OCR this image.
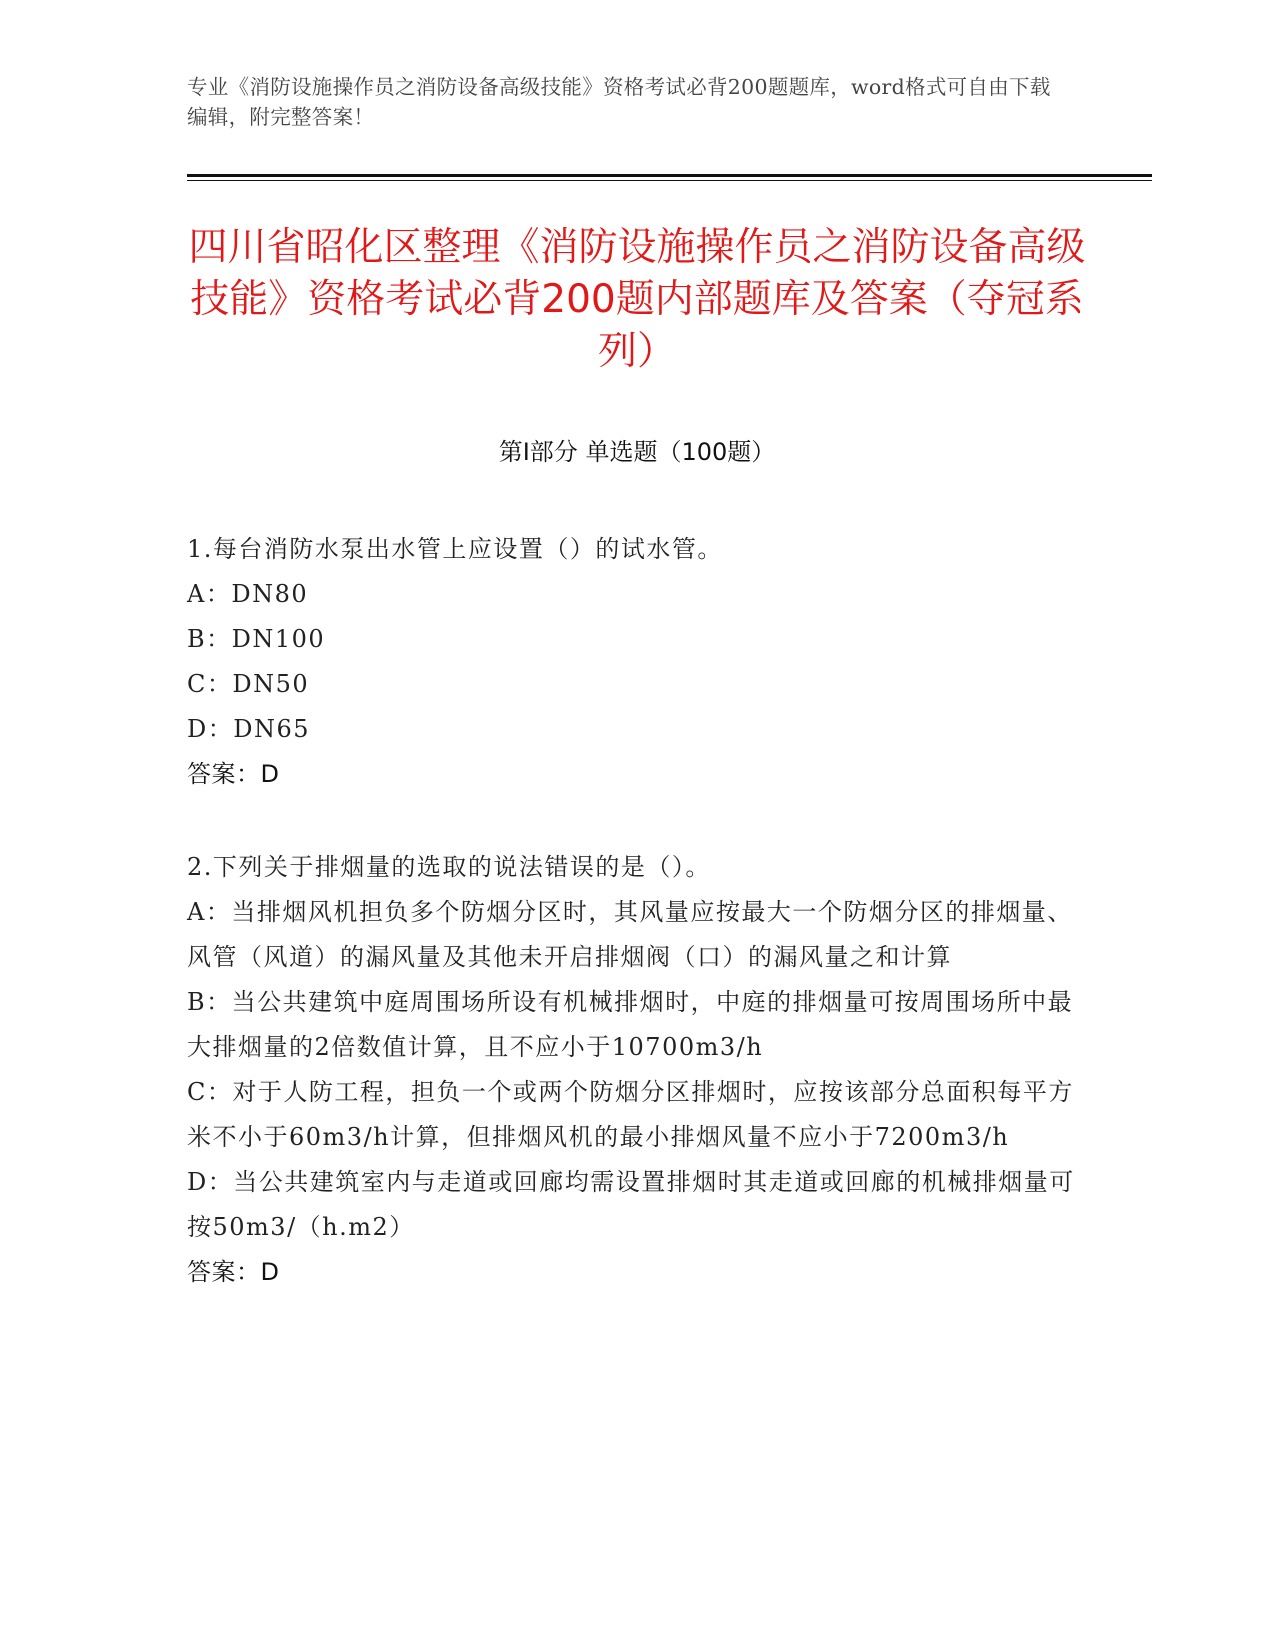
专业《消防设施操作员之消防设备高级技能》资格考试必背200题题库，word格式可自由下载编辑，附完整答案！
四川省昭化区整理《消防设施操作员之消防设备高级技能》资格考试必背200题内部题库及答案（夺冠系列）
第Ⅰ部分 单选题（100题）
1.每台消防水泵出水管上应设置（）的试水管。
A：DN80
B：DN100
C：DN50
D：DN65
答案：D
2.下列关于排烟量的选取的说法错误的是（）。
A：当排烟风机担负多个防烟分区时，其风量应按最大一个防烟分区的排烟量、风管（风道）的漏风量及其他未开启排烟阀（口）的漏风量之和计算
B：当公共建筑中庭周围场所设有机械排烟时，中庭的排烟量可按周围场所中最大排烟量的2倍数值计算，且不应小于10700m3/h
C：对于人防工程，担负一个或两个防烟分区排烟时，应按该部分总面积每平方米不小于60m3/h计算，但排烟风机的最小排烟风量不应小于7200m3/h
D：当公共建筑室内与走道或回廊均需设置排烟时其走道或回廊的机械排烟量可按50m3/（h.m2）
答案：D
